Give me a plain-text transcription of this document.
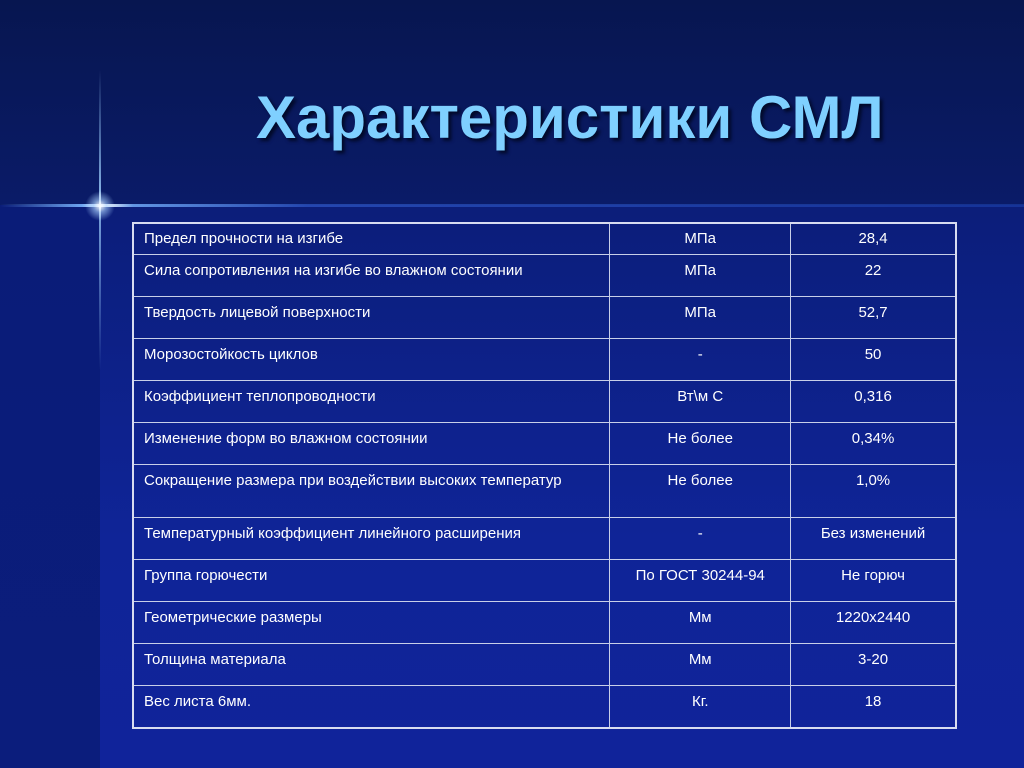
Характеристики СМЛ
Предел прочности на изгибе	МПа	28,4
Сила сопротивления на изгибе во влажном состоянии	МПа	22
Твердость лицевой поверхности	МПа	52,7
Морозостойкость циклов	-	50
Коэффициент теплопроводности	Вт\м С	0,316
Изменение форм во влажном состоянии	Не более	0,34%
Сокращение размера при воздействии высоких температур	Не более	1,0%
Температурный коэффициент линейного расширения	-	Без изменений
Группа горючести	По ГОСТ 30244-94	Не горюч
Геометрические размеры	Мм	1220х2440
Толщина материала	Мм	3-20
Вес листа 6мм.	Кг.	18
